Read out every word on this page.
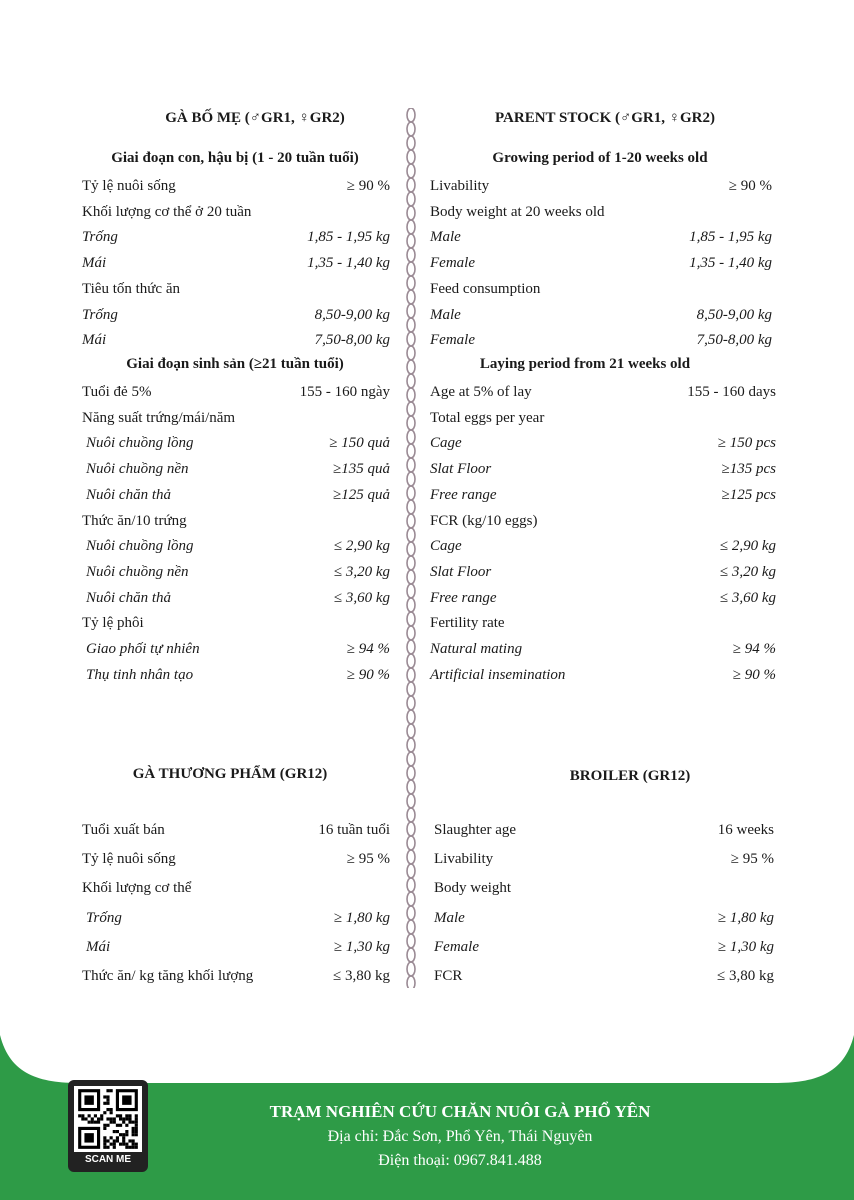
GÀ BỐ MẸ (♂GR1, ♀GR2)
Giai đoạn con, hậu bị (1 - 20 tuần tuổi)
Tỷ lệ nuôi sống	≥ 90 %
Khối lượng cơ thể ở 20 tuần
Trống	1,85 - 1,95 kg
Mái	1,35 - 1,40 kg
Tiêu tốn thức ăn
Trống	8,50-9,00 kg
Mái	7,50-8,00 kg
Giai đoạn sinh sản (≥21 tuần tuổi)
Tuổi đẻ 5%	155 - 160 ngày
Năng suất trứng/mái/năm
Nuôi chuồng lồng	≥ 150 quả
Nuôi chuồng nền	≥135 quả
Nuôi chăn thả	≥125 quả
Thức ăn/10 trứng
Nuôi chuồng lồng	≤ 2,90 kg
Nuôi chuồng nền	≤ 3,20 kg
Nuôi chăn thả	≤ 3,60 kg
Tỷ lệ phôi
Giao phối tự nhiên	≥ 94 %
Thụ tinh nhân tạo	≥ 90 %
GÀ THƯƠNG PHẨM (GR12)
Tuổi xuất bán	16 tuần tuổi
Tỷ lệ nuôi sống	≥ 95 %
Khối lượng cơ thể
Trống	≥ 1,80 kg
Mái	≥ 1,30 kg
Thức ăn/ kg tăng khối lượng	≤ 3,80 kg
PARENT STOCK (♂GR1, ♀GR2)
Growing period of 1-20 weeks old
Livability	≥ 90 %
Body weight at 20 weeks old
Male	1,85 - 1,95 kg
Female	1,35 - 1,40 kg
Feed consumption
Male	8,50-9,00 kg
Female	7,50-8,00 kg
Laying period from 21 weeks old
Age at 5% of lay	155 - 160 days
Total eggs per year
Cage	≥ 150 pcs
Slat Floor	≥135 pcs
Free range	≥125 pcs
FCR (kg/10 eggs)
Cage	≤ 2,90 kg
Slat Floor	≤ 3,20 kg
Free range	≤ 3,60 kg
Fertility rate
Natural mating	≥ 94 %
Artificial insemination	≥ 90 %
BROILER (GR12)
Slaughter age	16 weeks
Livability	≥ 95 %
Body weight
Male	≥ 1,80 kg
Female	≥ 1,30 kg
FCR	≤ 3,80 kg
TRẠM NGHIÊN CỨU CHĂN NUÔI GÀ PHỔ YÊN
Địa chỉ: Đắc Sơn, Phổ Yên, Thái Nguyên
Điện thoại: 0967.841.488
SCAN ME
